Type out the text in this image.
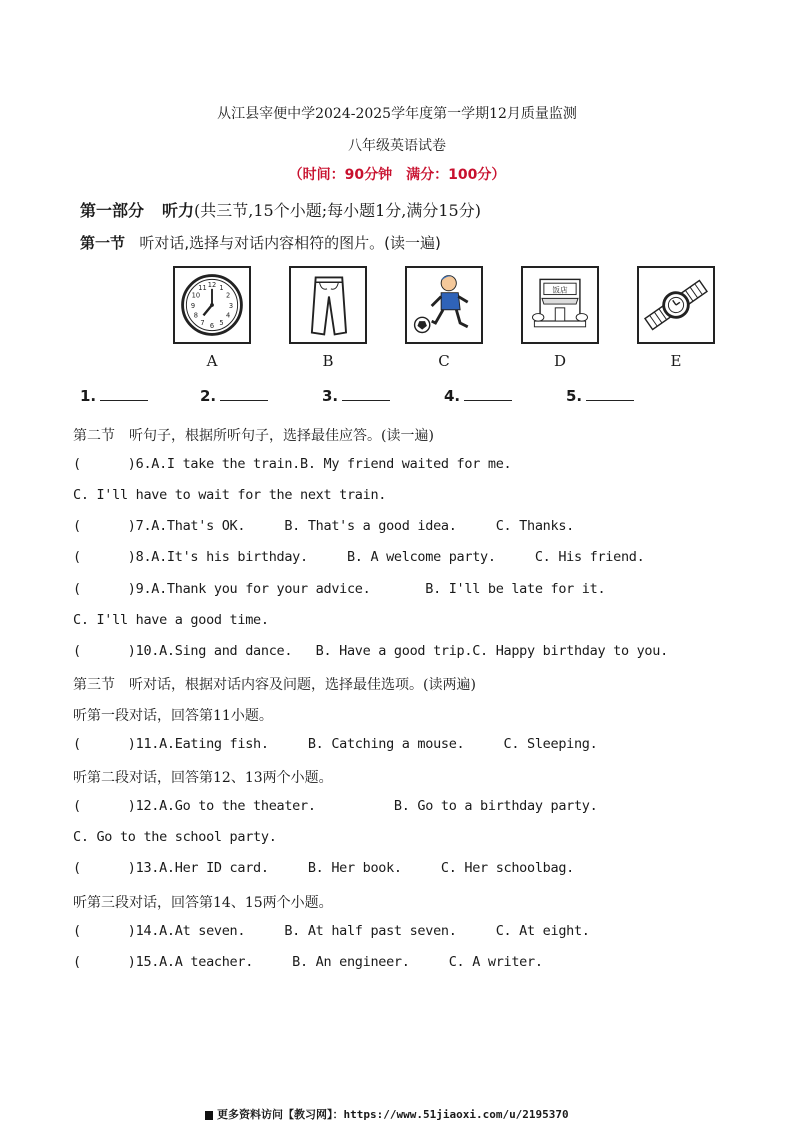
从江县宰便中学2024-2025学年度第一学期12月质量监测
八年级英语试卷
（时间：90分钟　满分：100分）
第一部分 听力(共三节,15个小题;每小题1分,满分15分)
第一节 听对话,选择与对话内容相符的图片。(读一遍)
12 1
2
3
4
5
6
7
8
9
10
11	饭店
A	B	C	D	E
1.	2.	3.	4.	5.
第二节　听句子，根据所听句子，选择最佳应答。(读一遍)
(      )6.A.I take the train.B. My friend waited for me.
C. I'll have to wait for the next train.
(      )7.A.That's OK.     B. That's a good idea.     C. Thanks.
(      )8.A.It's his birthday.     B. A welcome party.     C. His friend.
(      )9.A.Thank you for your advice.       B. I'll be late for it.
C. I'll have a good time.
(      )10.A.Sing and dance.   B. Have a good trip.C. Happy birthday to you.
第三节　听对话，根据对话内容及问题，选择最佳选项。(读两遍)
听第一段对话，回答第11小题。
(      )11.A.Eating fish.     B. Catching a mouse.     C. Sleeping.
听第二段对话，回答第12、13两个小题。
(      )12.A.Go to the theater.          B. Go to a birthday party.
C. Go to the school party.
(      )13.A.Her ID card.     B. Her book.     C. Her schoolbag.
听第三段对话，回答第14、15两个小题。
(      )14.A.At seven.     B. At half past seven.     C. At eight.
(      )15.A.A teacher.     B. An engineer.     C. A writer.
更多资料访问【教习网】：https://www.51jiaoxi.com/u/2195370
